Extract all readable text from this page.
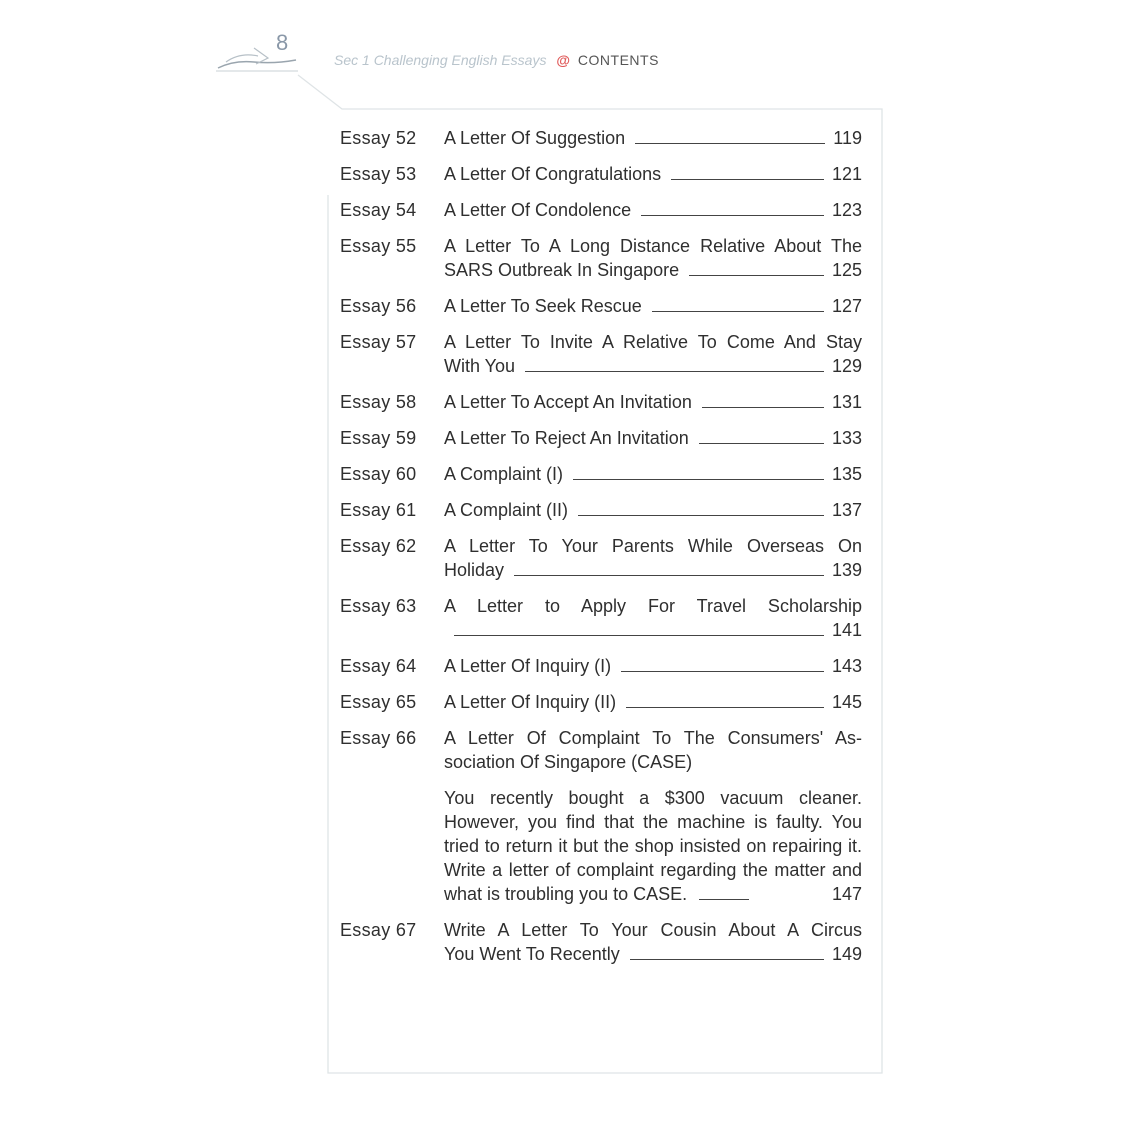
8
Sec 1 Challenging English Essays @ CONTENTS
Essay 52	A Letter Of Suggestion	119
Essay 53	A Letter Of Congratulations	121
Essay 54	A Letter Of Condolence	123
Essay 55	A Letter To A Long Distance Relative About The
SARS Outbreak In Singapore	125
Essay 56	A Letter To Seek Rescue	127
Essay 57	A Letter To Invite A Relative To Come And Stay
With You	129
Essay 58	A Letter To Accept An Invitation	131
Essay 59	A Letter To Reject An Invitation	133
Essay 60	A Complaint (I)	135
Essay 61	A Complaint (II)	137
Essay 62	A Letter To Your Parents While Overseas On
Holiday	139
Essay 63	A Letter to Apply For Travel Scholarship
141
Essay 64	A Letter Of Inquiry (I)	143
Essay 65	A Letter Of Inquiry (II)	145
Essay 66	A Letter Of Complaint To The Consumers' As-
sociation Of Singapore (CASE)
You recently bought a $300 vacuum cleaner. However, you find that the machine is faulty. You tried to return it but the shop insisted on repairing it. Write a letter of complaint regarding the matter and what is troubling you to CASE.	147
Essay 67	Write A Letter To Your Cousin About A Circus
You Went To Recently	149
